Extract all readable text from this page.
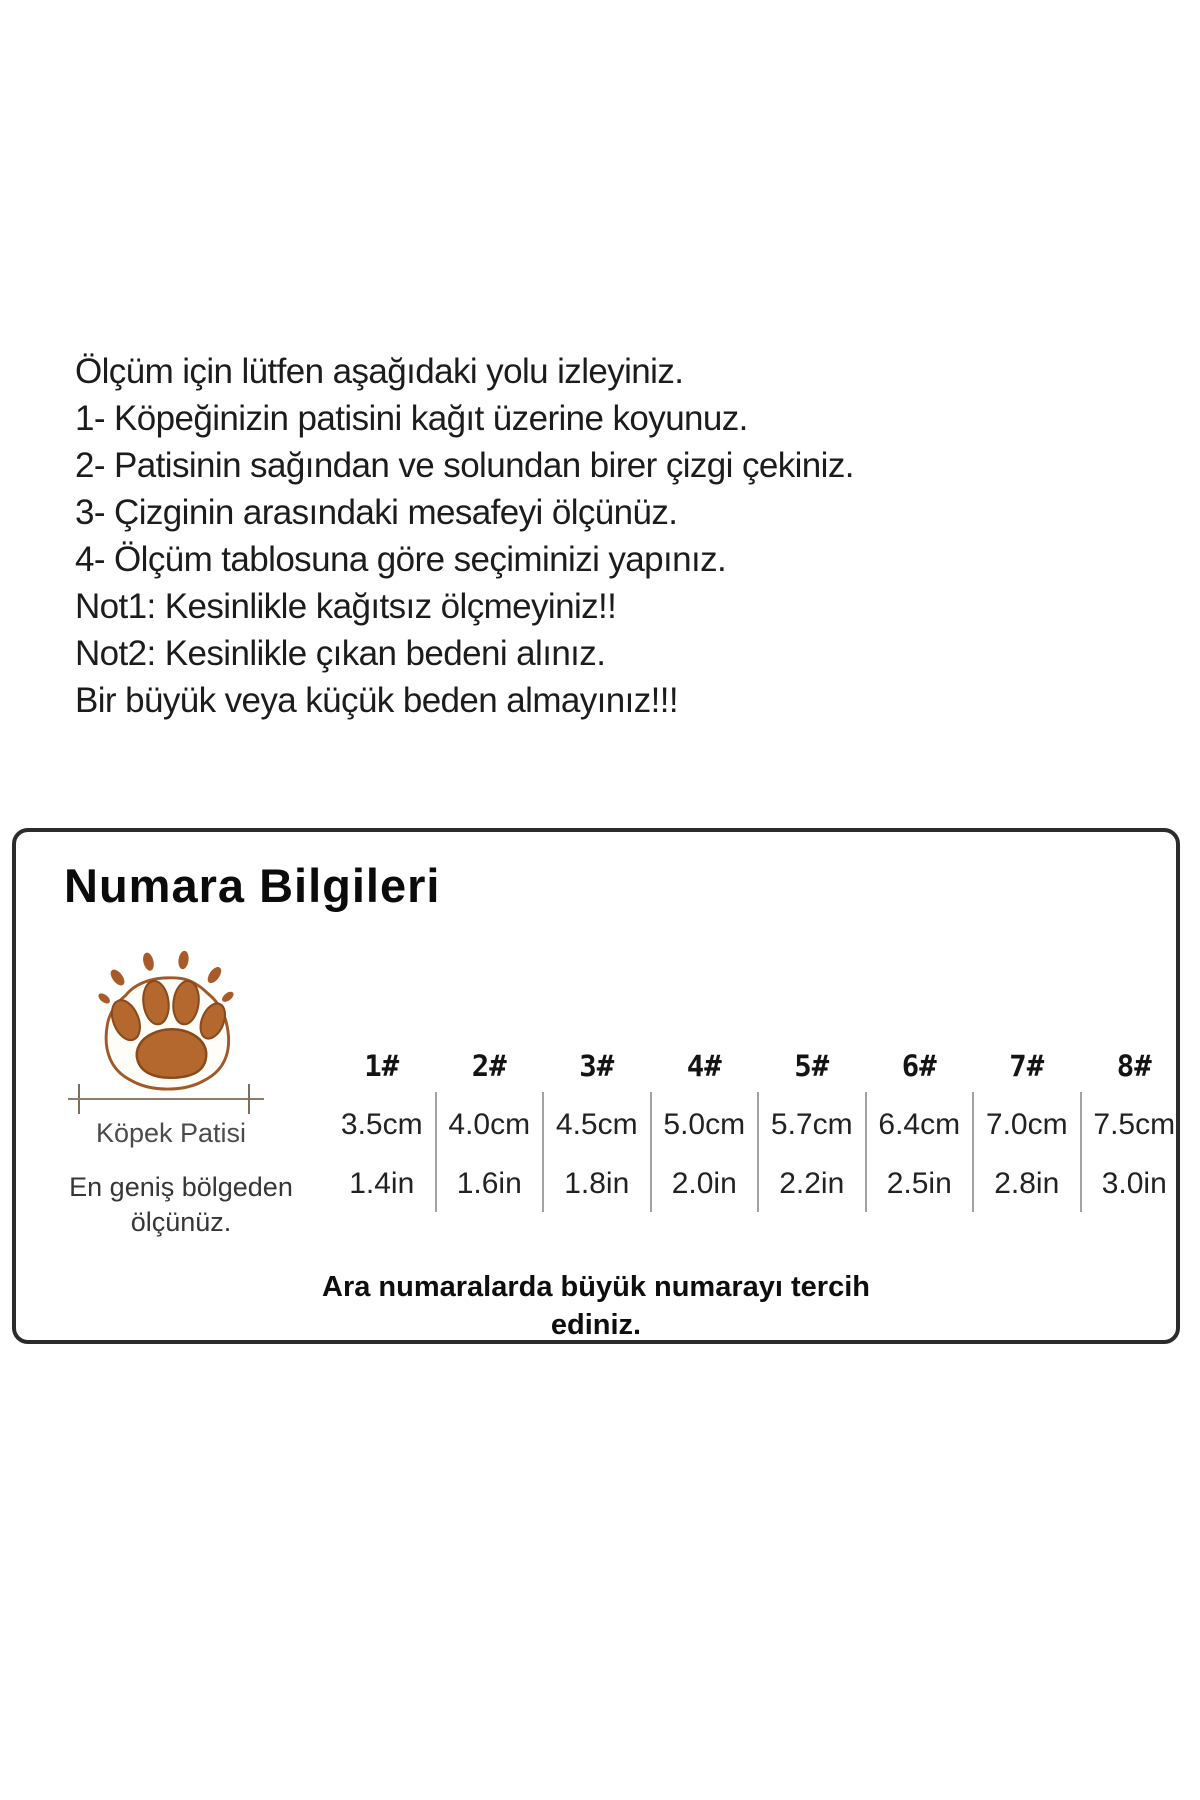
Ölçüm için lütfen aşağıdaki yolu izleyiniz.
1- Köpeğinizin patisini kağıt üzerine koyunuz.
2- Patisinin sağından ve solundan birer çizgi çekiniz.
3- Çizginin arasındaki mesafeyi ölçünüz.
4- Ölçüm tablosuna göre seçiminizi yapınız.
Not1: Kesinlikle kağıtsız ölçmeyiniz!!
Not2: Kesinlikle çıkan bedeni alınız.
Bir büyük veya küçük beden almayınız!!!
Numara Bilgileri
Köpek Patisi
En geniş bölgeden
ölçünüz.
1#
3.5cm
1.4in
2#
4.0cm
1.6in
3#
4.5cm
1.8in
4#
5.0cm
2.0in
5#
5.7cm
2.2in
6#
6.4cm
2.5in
7#
7.0cm
2.8in
8#
7.5cm
3.0in
Ara numaralarda büyük numarayı tercih
ediniz.
